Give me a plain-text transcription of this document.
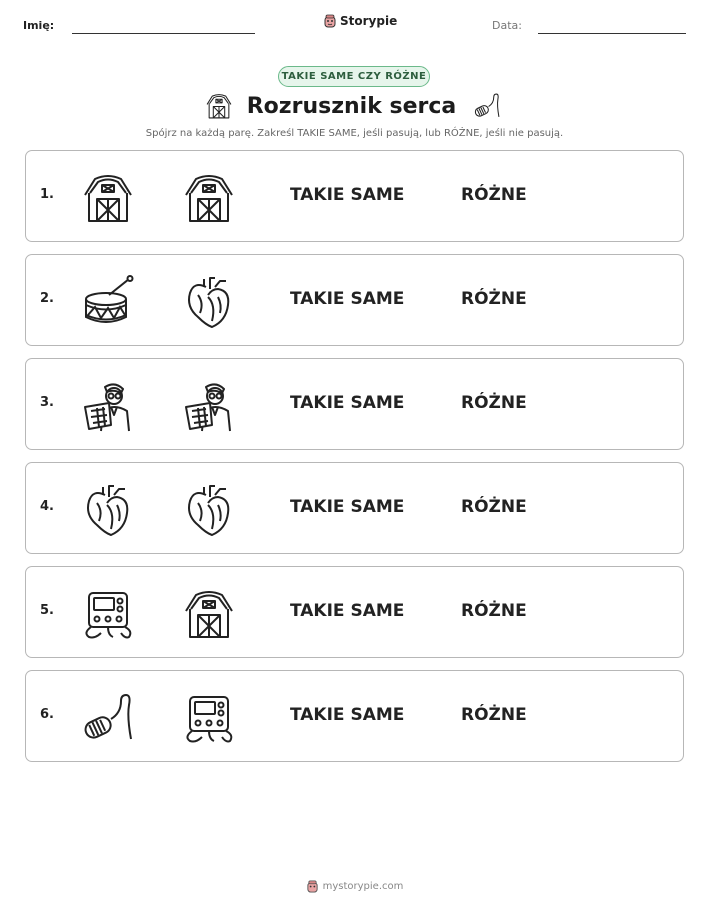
Imię:	Storypie	Data:
TAKIE SAME CZY RÓŻNE
Rozrusznik serca
Spójrz na każdą parę. Zakreśl TAKIE SAME, jeśli pasują, lub RÓŻNE, jeśli nie pasują.
1.	TAKIE SAME	RÓŻNE
2.	TAKIE SAME	RÓŻNE
3.	TAKIE SAME	RÓŻNE
4.	TAKIE SAME	RÓŻNE
5.	TAKIE SAME	RÓŻNE
6.	TAKIE SAME	RÓŻNE
mystorypie.com
